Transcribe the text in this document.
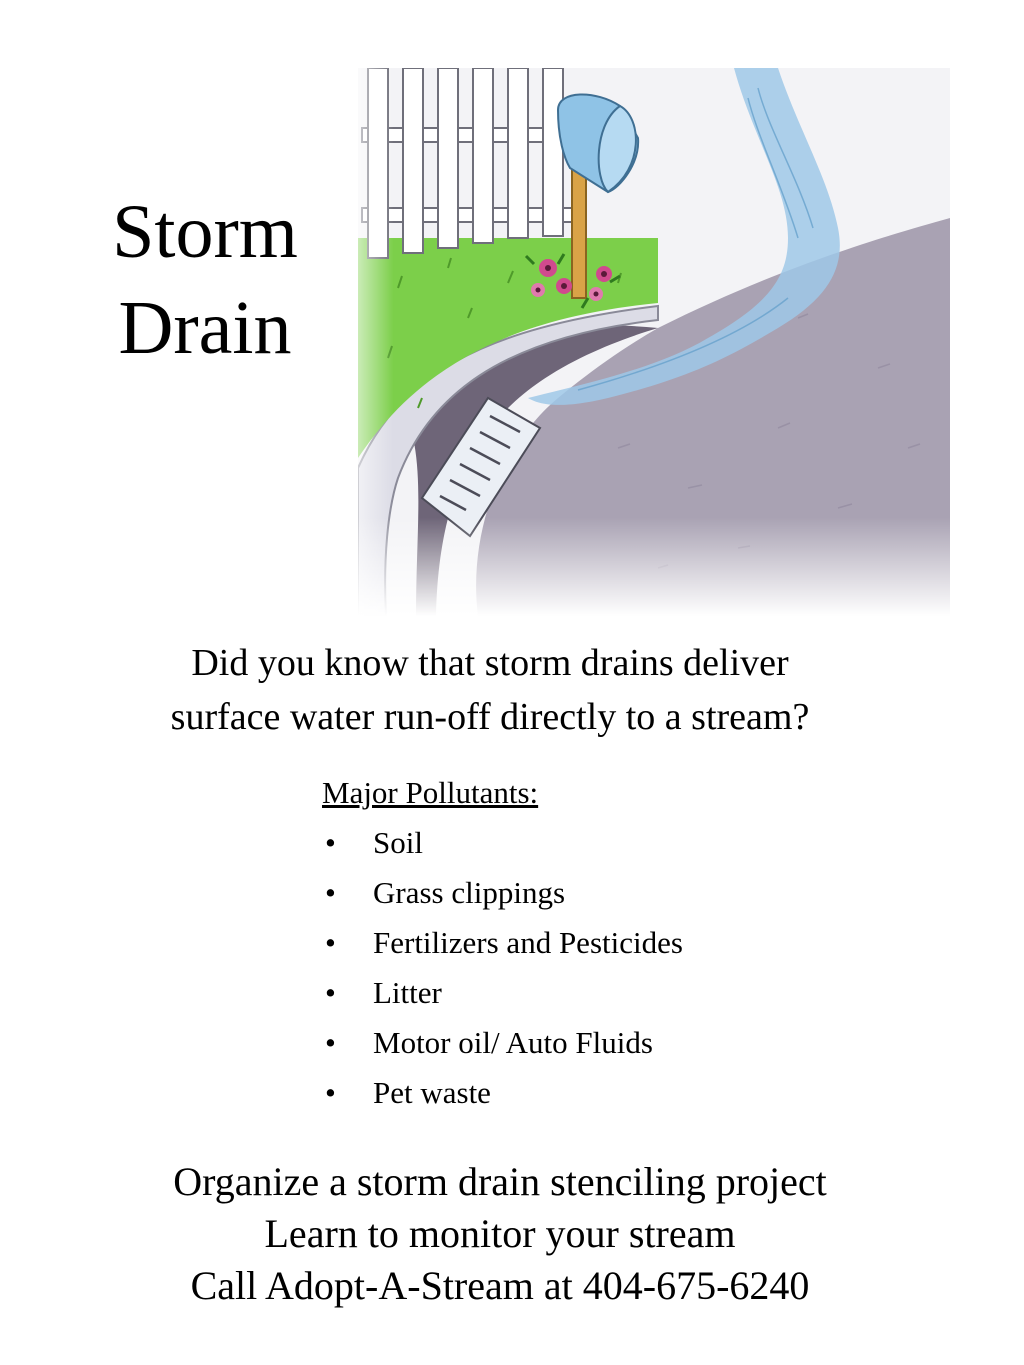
Storm
Drain
Did you know that storm drains deliver
surface water run-off directly to a stream?
Major Pollutants:
• Soil
• Grass clippings
• Fertilizers and Pesticides
• Litter
• Motor oil/ Auto Fluids
• Pet waste
Organize a storm drain stenciling project
Learn to monitor your stream
Call Adopt-A-Stream at 404-675-6240
